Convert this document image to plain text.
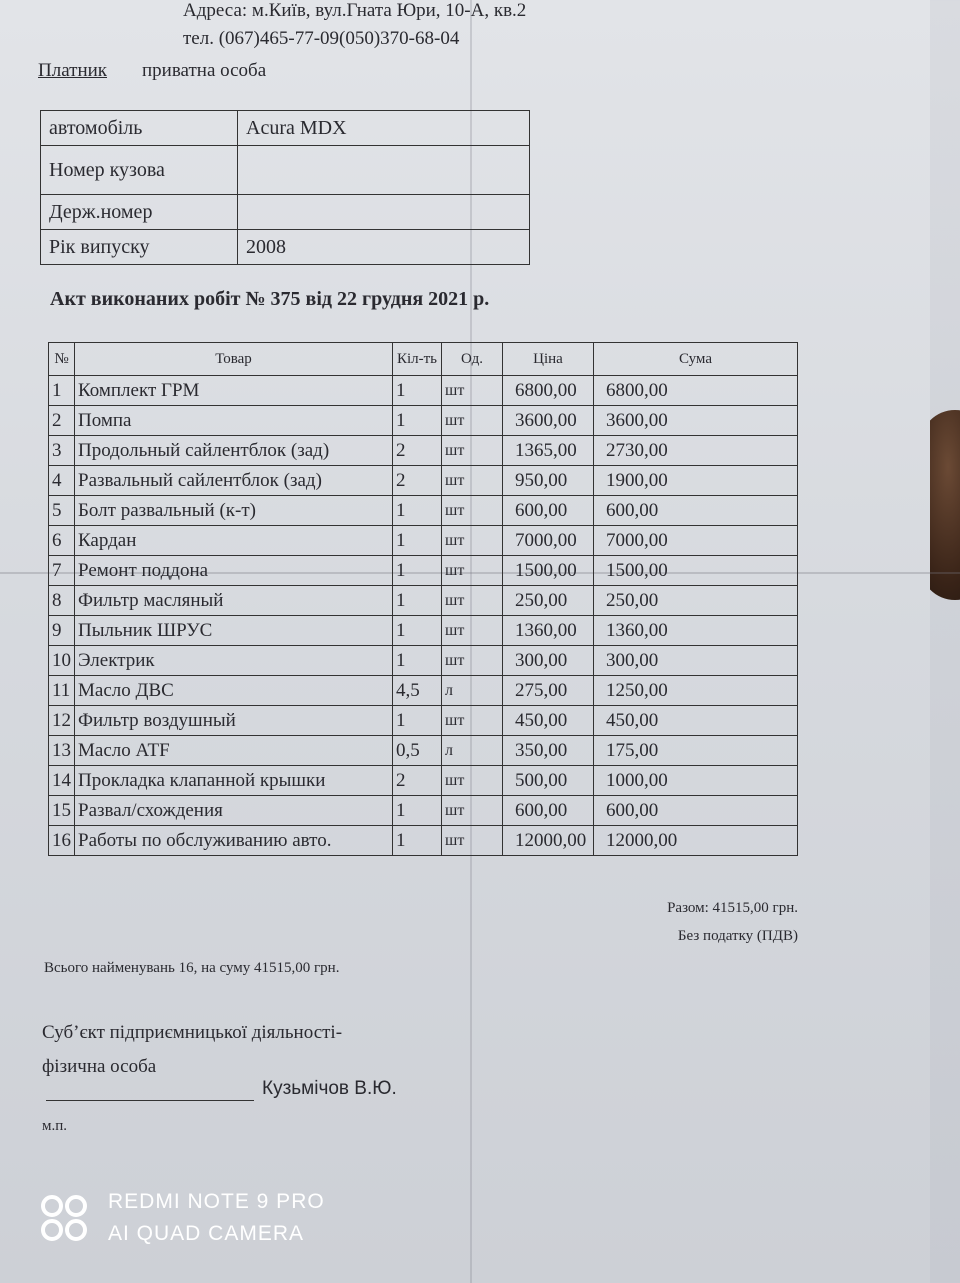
Адреса: м.Київ, вул.Гната Юри, 10-А, кв.2
тел. (067)465-77-09(050)370-68-04
Платник приватна особа
автомобіль	Acura MDX
Номер кузова	
Держ.номер	
Рік випуску	2008
Акт виконаних робіт № 375 від 22 грудня 2021 р.
№	Товар	Кіл-ть	Од.	Ціна	Сума
1	Комплект ГРМ	1	шт	6800,00	6800,00
2	Помпа	1	шт	3600,00	3600,00
3	Продольный сайлентблок (зад)	2	шт	1365,00	2730,00
4	Развальный сайлентблок (зад)	2	шт	950,00	1900,00
5	Болт развальный (к-т)	1	шт	600,00	600,00
6	Кардан	1	шт	7000,00	7000,00
7	Ремонт поддона	1	шт	1500,00	1500,00
8	Фильтр масляный	1	шт	250,00	250,00
9	Пыльник ШРУС	1	шт	1360,00	1360,00
10	Электрик	1	шт	300,00	300,00
11	Масло ДВС	4,5	л	275,00	1250,00
12	Фильтр воздушный	1	шт	450,00	450,00
13	Масло АТF	0,5	л	350,00	175,00
14	Прокладка клапанной крышки	2	шт	500,00	1000,00
15	Развал/схождения	1	шт	600,00	600,00
16	Работы по обслуживанию авто.	1	шт	12000,00	12000,00
Разом: 41515,00 грн.
Без податку (ПДВ)
Всього найменувань 16, на суму 41515,00 грн.
Суб’єкт підприємницької діяльності-
фізична особа
Кузьмічов В.Ю.
м.п.
REDMI NOTE 9 PRO
AI QUAD CAMERA
